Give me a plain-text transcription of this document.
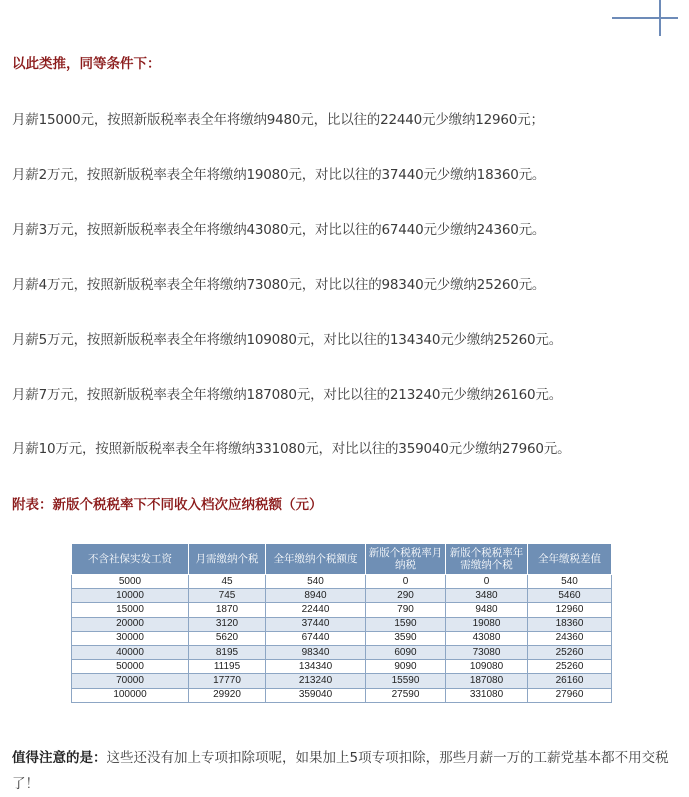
以此类推，同等条件下：
月薪15000元，按照新版税率表全年将缴纳9480元，比以往的22440元少缴纳12960元；
月薪2万元，按照新版税率表全年将缴纳19080元，对比以往的37440元少缴纳18360元。
月薪3万元，按照新版税率表全年将缴纳43080元，对比以往的67440元少缴纳24360元。
月薪4万元，按照新版税率表全年将缴纳73080元，对比以往的98340元少缴纳25260元。
月薪5万元，按照新版税率表全年将缴纳109080元，对比以往的134340元少缴纳25260元。
月薪7万元，按照新版税率表全年将缴纳187080元，对比以往的213240元少缴纳26160元。
月薪10万元，按照新版税率表全年将缴纳331080元，对比以往的359040元少缴纳27960元。
附表：新版个税税率下不同收入档次应纳税额（元）
不含社保实发工资	月需缴纳个税	全年缴纳个税额度	新版个税税率月纳税	新版个税税率年需缴纳个税	全年缴税差值
5000	45	540	0	0	540
10000	745	8940	290	3480	5460
15000	1870	22440	790	9480	12960
20000	3120	37440	1590	19080	18360
30000	5620	67440	3590	43080	24360
40000	8195	98340	6090	73080	25260
50000	11195	134340	9090	109080	25260
70000	17770	213240	15590	187080	26160
100000	29920	359040	27590	331080	27960
值得注意的是：这些还没有加上专项扣除项呢，如果加上5项专项扣除，那些月薪一万的工薪党基本都不用交税了！
